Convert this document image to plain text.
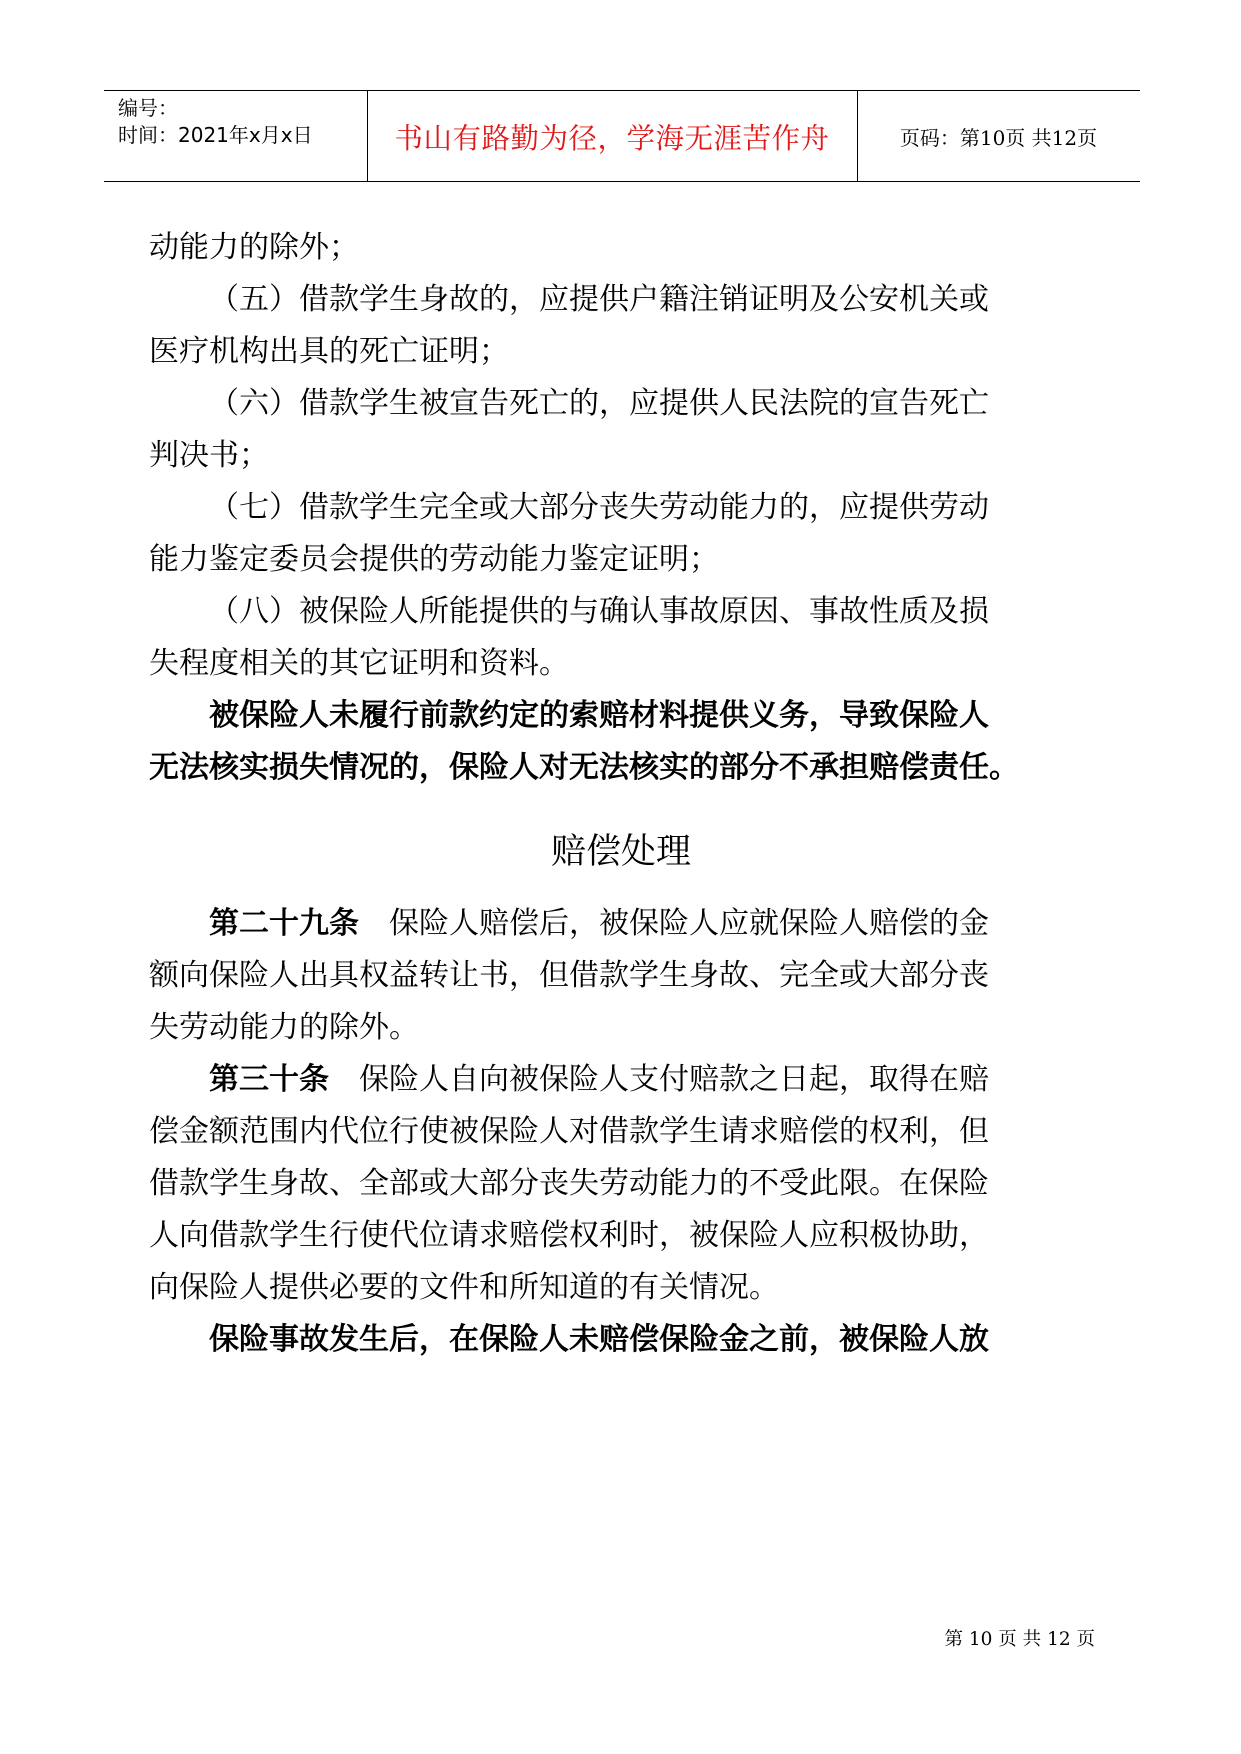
编号：
时间：2021年x月x日	书山有路勤为径，学海无涯苦作舟	页码：第10页 共12页
动能力的除外；
（五）借款学生身故的，应提供户籍注销证明及公安机关或
医疗机构出具的死亡证明；
（六）借款学生被宣告死亡的，应提供人民法院的宣告死亡
判决书；
（七）借款学生完全或大部分丧失劳动能力的，应提供劳动
能力鉴定委员会提供的劳动能力鉴定证明；
（八）被保险人所能提供的与确认事故原因、事故性质及损
失程度相关的其它证明和资料。
被保险人未履行前款约定的索赔材料提供义务，导致保险人
无法核实损失情况的，保险人对无法核实的部分不承担赔偿责任。
赔偿处理
第二十九条　 保险人赔偿后，被保险人应就保险人赔偿的金
额向保险人出具权益转让书，但借款学生身故、完全或大部分丧
失劳动能力的除外。
第三十条　 保险人自向被保险人支付赔款之日起，取得在赔
偿金额范围内代位行使被保险人对借款学生请求赔偿的权利，但
借款学生身故、全部或大部分丧失劳动能力的不受此限。在保险
人向借款学生行使代位请求赔偿权利时，被保险人应积极协助，
向保险人提供必要的文件和所知道的有关情况。
保险事故发生后，在保险人未赔偿保险金之前，被保险人放
第 10 页 共 12 页
